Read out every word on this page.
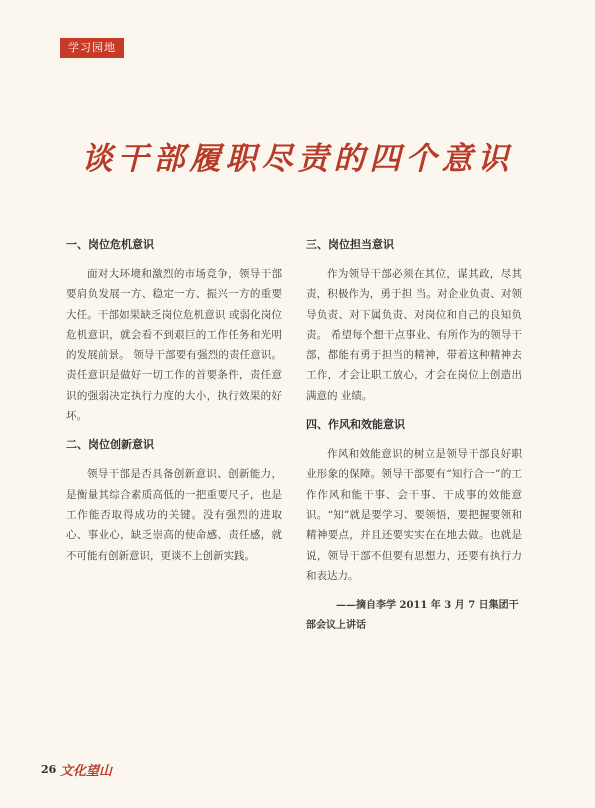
学习园地
谈干部履职尽责的四个意识
一、岗位危机意识

面对大环境和激烈的市场竞争，领导干部要肩负发展一方、稳定一方、振兴一方的重要大任。干部如果缺乏岗位危机意识 或弱化岗位危机意识，就会看不到艰巨的工作任务和光明的发展前景。 领导干部要有强烈的责任意识。责任意识是做好一切工作的首要条件，责任意识的强弱决定执行力度的大小，执行效果的好坏。

二、岗位创新意识

领导干部是否具备创新意识、创新能力，是衡量其综合素质高低的一把重要尺子，也是工作能否取得成功的关键。没有强烈的进取心、事业心，缺乏崇高的使命感、责任感，就不可能有创新意识，更谈不上创新实践。

三、岗位担当意识

作为领导干部必须在其位，谋其政，尽其责，积极作为，勇于担 当。对企业负责、对领导负责、对下属负责、对岗位和自己的良知负责。 希望每个想干点事业、有所作为的领导干部，都能有勇于担当的精神，带着这种精神去工作，才会让职工放心，才会在岗位上创造出满意的 业绩。

四、作风和效能意识

作风和效能意识的树立是领导干部良好职业形象的保障。领导干部要有“知行合一”的工作作风和能干事、会干事、干成事的效能意识。“知”就是要学习、要领悟，要把握要领和精神要点，并且还要实实在在地去做。也就是说，领导干部不但要有思想力，还要有执行力和表达力。

——摘自李学 2011 年 3 月 7 日集团干部会议上讲话
26 文化望山
